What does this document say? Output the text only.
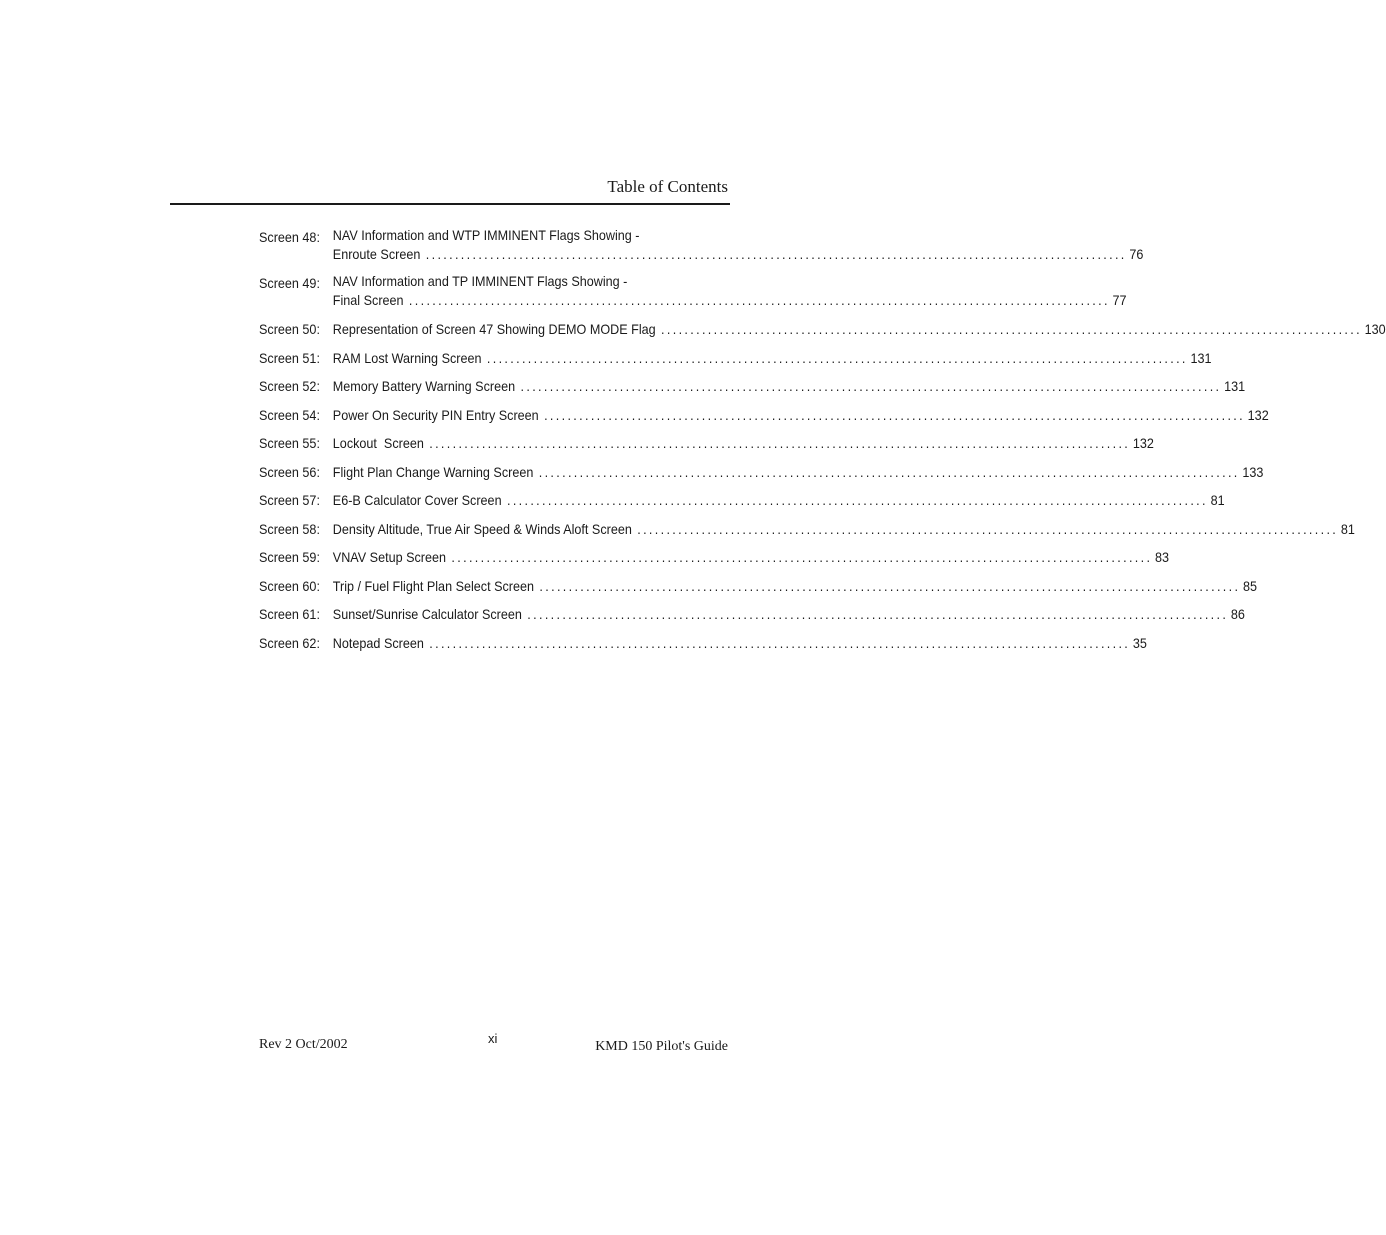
Table of Contents
Screen 48: NAV Information and WTP IMMINENT Flags Showing -
Enroute Screen ........................................................................................................................ 76
Screen 49: NAV Information and TP IMMINENT Flags Showing -
Final Screen ........................................................................................................................ 77
Screen 50: Representation of Screen 47 Showing DEMO MODE Flag ........................................................................................................................ 130
Screen 51: RAM Lost Warning Screen ........................................................................................................................ 131
Screen 52: Memory Battery Warning Screen ........................................................................................................................ 131
Screen 54: Power On Security PIN Entry Screen ........................................................................................................................ 132
Screen 55: Lockout  Screen ........................................................................................................................ 132
Screen 56: Flight Plan Change Warning Screen ........................................................................................................................ 133
Screen 57: E6-B Calculator Cover Screen ........................................................................................................................ 81
Screen 58: Density Altitude, True Air Speed & Winds Aloft Screen ........................................................................................................................ 81
Screen 59: VNAV Setup Screen ........................................................................................................................ 83
Screen 60: Trip / Fuel Flight Plan Select Screen ........................................................................................................................ 85
Screen 61: Sunset/Sunrise Calculator Screen ........................................................................................................................ 86
Screen 62: Notepad Screen ........................................................................................................................ 35
Rev 2 Oct/2002	xi
KMD 150 Pilot's Guide
